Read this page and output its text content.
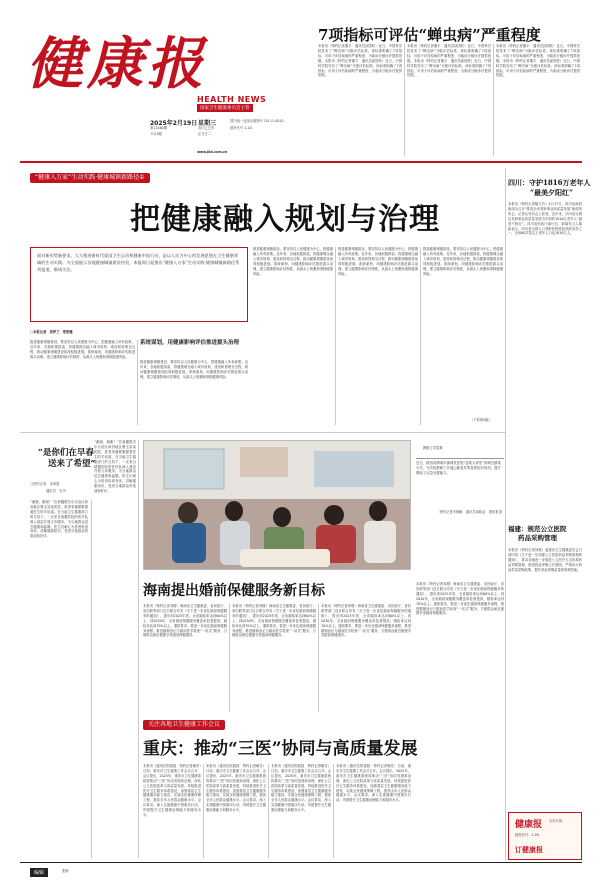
健康报
HEALTH NEWS
国家卫生健康委员会主管
2025年2月19日 星期三
农历乙巳年
正月廿二
第12460期
今日8版
国内统一连续出版物号 CN 11-0010
邮发代号 1-20
www.jkb.com.cn
7项指标可评估“蝉虫病”严重程度
本报讯（特约记者董平　通讯员邱国松）近日，中国科学院发布了“蝉虫病”分级评估标准。该标准明确了7项指标，可用于评估疾病的严重程度，为临床分级诊疗提供依据。本报讯（特约记者董平　通讯员邱国松）近日，中国科学院发布了“蝉虫病”分级评估标准。该标准明确了7项指标，可用于评估疾病的严重程度，为临床分级诊疗提供依据。
本报讯（特约记者董平　通讯员邱国松）近日，中国科学院发布了“蝉虫病”分级评估标准。该标准明确了7项指标，可用于评估疾病的严重程度，为临床分级诊疗提供依据。本报讯（特约记者董平　通讯员邱国松）近日，中国科学院发布了“蝉虫病”分级评估标准。该标准明确了7项指标，可用于评估疾病的严重程度，为临床分级诊疗提供依据。
本报讯（特约记者董平　通讯员邱国松）近日，中国科学院发布了“蝉虫病”分级评估标准。该标准明确了7项指标，可用于评估疾病的严重程度，为临床分级诊疗提供依据。本报讯（特约记者董平　通讯员邱国松）近日，中国科学院发布了“蝉虫病”分级评估标准。该标准明确了7项指标，可用于评估疾病的严重程度，为临床分级诊疗提供依据。
“健康入万家”生动实践·健康城镇新路径①
把健康融入规划与治理
面对新形势新要求，大力推进新时代爱国卫生运动和健康中国行动，是以人民为中心的发展思想在卫生健康领域的生动实践。为全面展示各地健康城镇建设经验，本报即日起推出“健康入万家”生动实践·健康城镇新路径系列报道，敬请关注。
□本报记者　段梦兰　郑艳雅
推进健康城镇建设，要坚持以人民健康为中心，把健康融入所有政策。近年来，各地积极探索，将健康理念融入城市规划、建设和管理全过程，推动健康城镇建设取得积极进展。系统谋划，用健康影响评估推进源头治理。建立健康影响评估制度，从源头上规避和消除健康风险。
系统谋划，用健康影响评估推进源头治理
推进健康城镇建设，要坚持以人民健康为中心，把健康融入所有政策。近年来，各地积极探索，将健康理念融入城市规划、建设和管理全过程，推动健康城镇建设取得积极进展。系统谋划，用健康影响评估推进源头治理。建立健康影响评估制度，从源头上规避和消除健康风险。
推进健康城镇建设，要坚持以人民健康为中心，把健康融入所有政策。近年来，各地积极探索，将健康理念融入城市规划、建设和管理全过程，推动健康城镇建设取得积极进展。系统谋划，用健康影响评估推进源头治理。建立健康影响评估制度，从源头上规避和消除健康风险。
推进健康城镇建设，要坚持以人民健康为中心，把健康融入所有政策。近年来，各地积极探索，将健康理念融入城市规划、建设和管理全过程，推动健康城镇建设取得积极进展。系统谋划，用健康影响评估推进源头治理。建立健康影响评估制度，从源头上规避和消除健康风险。
推进健康城镇建设，要坚持以人民健康为中心，把健康融入所有政策。近年来，各地积极探索，将健康理念融入城市规划、建设和管理全过程，推动健康城镇建设取得积极进展。系统谋划，用健康影响评估推进源头治理。建立健康影响评估制度，从源头上规避和消除健康风险。
（下转第4版）
四川：守护1816万老年人
“最美夕阳红”
本报讯（特约记者喻文苏）1月17日，四川省政府新闻办召开“推进全省老龄事业高质量发展”新闻发布会，记者从发布会上获悉，近年来，四川省实施以老龄事业高质量发展为引领的1816万老年人“最美夕阳红”。四川省民政厅副厅长、新闻发言人陈新表示，四川是全国人口老龄化程度较高的省份之一，全省60岁及以上老年人口达1816万人。
“是你们在早春
送来了希望”
□特约记者　宋章胜
通讯员　安杰
“谢谢，谢谢！”在新疆维吾尔自治区和田地区墨玉县某医院，患者家属紧紧握着医生的手说道。在当地卫生健康部门的支持下，一支来自援疆医院的医疗队深入基层开展义诊服务，为当地群众送去健康和温暖。医生们耐心为患者检查身体，讲解健康知识，受到当地群众的欢迎和好评。
“谢谢，谢谢！”在新疆维吾尔自治区和田地区墨玉县某医院，患者家属紧紧握着医生的手说道。在当地卫生健康部门的支持下，一支来自援疆医院的医疗队深入基层开展义诊服务，为当地群众送去健康和温暖。医生们耐心为患者检查身体，讲解健康知识，受到当地群众的欢迎和好评。
教职工学急救
近日，陕西省渭南市蒲城县医院“急救大讲堂”到城关镇某小学，为学校教职工开展心肺复苏等急救知识培训，提升教职工应急处置能力。
特约记者李海鹏　通讯员周晓金　摄影报道
福建：规范公立医院
药品采购管理
本报讯（特约记者刘燕）福建省卫生健康委员会日前印发《关于进一步加强公立医院药品采购管理的通知》，要求各地进一步规范公立医疗卫生机构药品采购管理，推进药品采购公开透明，严格执行药品带量采购政策，提升药品采购质量和管理效能。
海南提出婚前保健服务新目标
本报讯（特约记者刘增）海南省卫生健康委、省民政厅、省妇联等部门近日联合印发《关于进一步优化婚前保健服务的通知》，提出到2025年底，全省婚检率达到60%以上；到2030年，全省婚前保健服务覆盖率显著提高，婚检率达到70%以上。通知要求，要进一步优化婚前保健服务流程，推进婚姻登记与婚前医学检查“一站式”服务，方便群众就近便捷享受婚前保健服务。
本报讯（特约记者刘增）海南省卫生健康委、省民政厅、省妇联等部门近日联合印发《关于进一步优化婚前保健服务的通知》，提出到2025年底，全省婚检率达到60%以上；到2030年，全省婚前保健服务覆盖率显著提高，婚检率达到70%以上。通知要求，要进一步优化婚前保健服务流程，推进婚姻登记与婚前医学检查“一站式”服务，方便群众就近便捷享受婚前保健服务。
本报讯（特约记者刘增）海南省卫生健康委、省民政厅、省妇联等部门近日联合印发《关于进一步优化婚前保健服务的通知》，提出到2025年底，全省婚检率达到60%以上；到2030年，全省婚前保健服务覆盖率显著提高，婚检率达到70%以上。通知要求，要进一步优化婚前保健服务流程，推进婚姻登记与婚前医学检查“一站式”服务，方便群众就近便捷享受婚前保健服务。
关注各地卫生健康工作会议
重庆：推动“三医”协同与高质量发展
本报讯（通讯员郭钱钱　特约记者喻芳）日前，重庆市卫生健康工作会议召开。会议提出，2025年，重庆市卫生健康系统将推动“三医”协同发展和治理，深化公立医院改革与高质量发展，持续推进医疗卫生服务体系建设，加强基层卫生健康服务能力建设，实施全民健康保障工程，提高全市人民群众健康水平。会议要求，深入实施健康中国重庆行动，巩固提升卫生健康治理能力和服务水平。
本报讯（通讯员郭钱钱　特约记者喻芳）日前，重庆市卫生健康工作会议召开。会议提出，2025年，重庆市卫生健康系统将推动“三医”协同发展和治理，深化公立医院改革与高质量发展，持续推进医疗卫生服务体系建设，加强基层卫生健康服务能力建设，实施全民健康保障工程，提高全市人民群众健康水平。会议要求，深入实施健康中国重庆行动，巩固提升卫生健康治理能力和服务水平。
本报讯（通讯员郭钱钱　特约记者喻芳）日前，重庆市卫生健康工作会议召开。会议提出，2025年，重庆市卫生健康系统将推动“三医”协同发展和治理，深化公立医院改革与高质量发展，持续推进医疗卫生服务体系建设，加强基层卫生健康服务能力建设，实施全民健康保障工程，提高全市人民群众健康水平。会议要求，深入实施健康中国重庆行动，巩固提升卫生健康治理能力和服务水平。
本报讯（通讯员郭钱钱　特约记者喻芳）日前，重庆市卫生健康工作会议召开。会议提出，2025年，重庆市卫生健康系统将推动“三医”协同发展和治理，深化公立医院改革与高质量发展，持续推进医疗卫生服务体系建设，加强基层卫生健康服务能力建设，实施全民健康保障工程，提高全市人民群众健康水平。会议要求，深入实施健康中国重庆行动，巩固提升卫生健康治理能力和服务水平。
本报讯（特约记者刘增）海南省卫生健康委、省民政厅、省妇联等部门近日联合印发《关于进一步优化婚前保健服务的通知》，提出到2025年底，全省婚检率达到60%以上；到2030年，全省婚前保健服务覆盖率显著提高，婚检率达到70%以上。通知要求，要进一步优化婚前保健服务流程，推进婚姻登记与婚前医学检查“一站式”服务，方便群众就近便捷享受婚前保健服务。
健康报 全年订阅
邮发代号：1-20
订健康报
编辑	张舒
